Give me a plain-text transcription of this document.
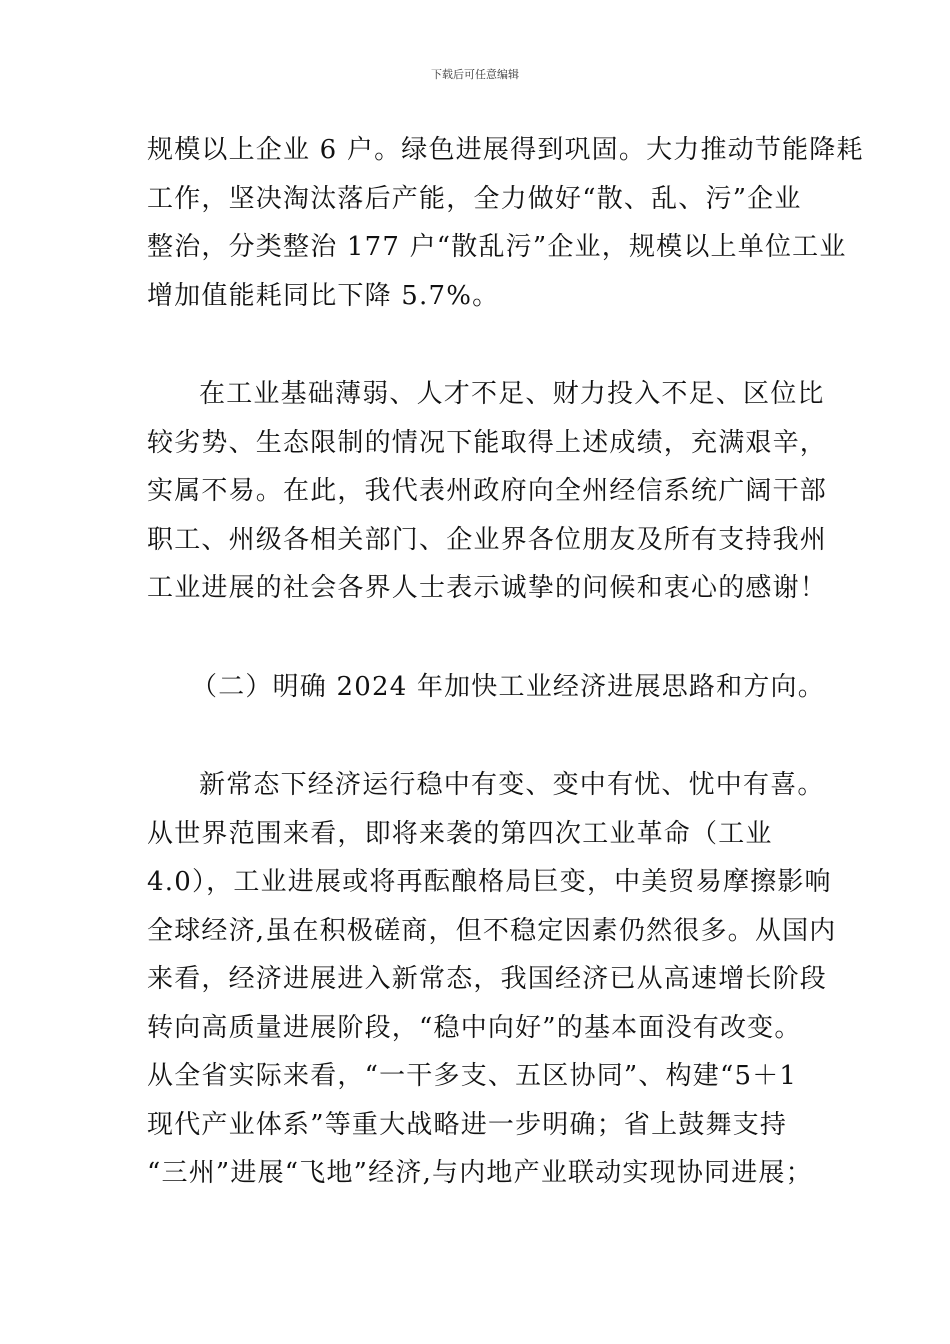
下载后可任意编辑
规模以上企业 6 户。绿色进展得到巩固。大力推动节能降耗
工作，坚决淘汰落后产能，全力做好“散、乱、污”企业
整治，分类整治 177 户“散乱污”企业，规模以上单位工业
增加值能耗同比下降 5.7%。
在工业基础薄弱、人才不足、财力投入不足、区位比
较劣势、生态限制的情况下能取得上述成绩，充满艰辛，
实属不易。在此，我代表州政府向全州经信系统广阔干部
职工、州级各相关部门、企业界各位朋友及所有支持我州
工业进展的社会各界人士表示诚挚的问候和衷心的感谢！
（二）明确 2024 年加快工业经济进展思路和方向。
新常态下经济运行稳中有变、变中有忧、忧中有喜。
从世界范围来看，即将来袭的第四次工业革命（工业
4.0），工业进展或将再酝酿格局巨变，中美贸易摩擦影响
全球经济,虽在积极磋商，但不稳定因素仍然很多。从国内
来看，经济进展进入新常态，我国经济已从高速增长阶段
转向高质量进展阶段，“稳中向好”的基本面没有改变。
从全省实际来看，“一干多支、五区协同”、构建“5＋1
现代产业体系”等重大战略进一步明确；省上鼓舞支持
“三州”进展“飞地”经济,与内地产业联动实现协同进展；
